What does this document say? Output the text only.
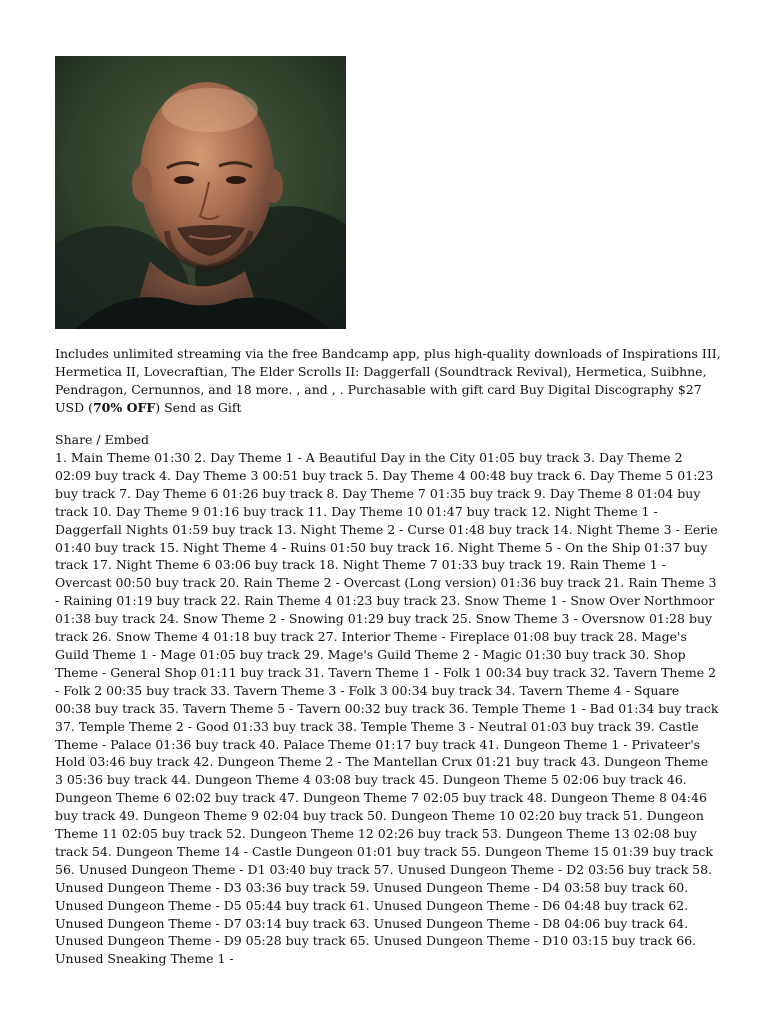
Includes unlimited streaming via the free Bandcamp app, plus high-quality downloads of Inspirations III, Hermetica II, Lovecraftian, The Elder Scrolls II: Daggerfall (Soundtrack Revival), Hermetica, Suibhne, Pendragon, Cernunnos, and 18 more. , and , . Purchasable with gift card Buy Digital Discography $27 USD (70% OFF) Send as Gift

Share / Embed

1. Main Theme 01:30 2. Day Theme 1 - A Beautiful Day in the City 01:05 buy track 3. Day Theme 2 02:09 buy track 4. Day Theme 3 00:51 buy track 5. Day Theme 4 00:48 buy track 6. Day Theme 5 01:23 buy track 7. Day Theme 6 01:26 buy track 8. Day Theme 7 01:35 buy track 9. Day Theme 8 01:04 buy track 10. Day Theme 9 01:16 buy track 11. Day Theme 10 01:47 buy track 12. Night Theme 1 - Daggerfall Nights 01:59 buy track 13. Night Theme 2 - Curse 01:48 buy track 14. Night Theme 3 - Eerie 01:40 buy track 15. Night Theme 4 - Ruins 01:50 buy track 16. Night Theme 5 - On the Ship 01:37 buy track 17. Night Theme 6 03:06 buy track 18. Night Theme 7 01:33 buy track 19. Rain Theme 1 - Overcast 00:50 buy track 20. Rain Theme 2 - Overcast (Long version) 01:36 buy track 21. Rain Theme 3 - Raining 01:19 buy track 22. Rain Theme 4 01:23 buy track 23. Snow Theme 1 - Snow Over Northmoor 01:38 buy track 24. Snow Theme 2 - Snowing 01:29 buy track 25. Snow Theme 3 - Oversnow 01:28 buy track 26. Snow Theme 4 01:18 buy track 27. Interior Theme - Fireplace 01:08 buy track 28. Mage's Guild Theme 1 - Mage 01:05 buy track 29. Mage's Guild Theme 2 - Magic 01:30 buy track 30. Shop Theme - General Shop 01:11 buy track 31. Tavern Theme 1 - Folk 1 00:34 buy track 32. Tavern Theme 2 - Folk 2 00:35 buy track 33. Tavern Theme 3 - Folk 3 00:34 buy track 34. Tavern Theme 4 - Square 00:38 buy track 35. Tavern Theme 5 - Tavern 00:32 buy track 36. Temple Theme 1 - Bad 01:34 buy track 37. Temple Theme 2 - Good 01:33 buy track 38. Temple Theme 3 - Neutral 01:03 buy track 39. Castle Theme - Palace 01:36 buy track 40. Palace Theme 01:17 buy track 41. Dungeon Theme 1 - Privateer's Hold 03:46 buy track 42. Dungeon Theme 2 - The Mantellan Crux 01:21 buy track 43. Dungeon Theme 3 05:36 buy track 44. Dungeon Theme 4 03:08 buy track 45. Dungeon Theme 5 02:06 buy track 46. Dungeon Theme 6 02:02 buy track 47. Dungeon Theme 7 02:05 buy track 48. Dungeon Theme 8 04:46 buy track 49. Dungeon Theme 9 02:04 buy track 50. Dungeon Theme 10 02:20 buy track 51. Dungeon Theme 11 02:05 buy track 52. Dungeon Theme 12 02:26 buy track 53. Dungeon Theme 13 02:08 buy track 54. Dungeon Theme 14 - Castle Dungeon 01:01 buy track 55. Dungeon Theme 15 01:39 buy track 56. Unused Dungeon Theme - D1 03:40 buy track 57. Unused Dungeon Theme - D2 03:56 buy track 58. Unused Dungeon Theme - D3 03:36 buy track 59. Unused Dungeon Theme - D4 03:58 buy track 60. Unused Dungeon Theme - D5 05:44 buy track 61. Unused Dungeon Theme - D6 04:48 buy track 62. Unused Dungeon Theme - D7 03:14 buy track 63. Unused Dungeon Theme - D8 04:06 buy track 64. Unused Dungeon Theme - D9 05:28 buy track 65. Unused Dungeon Theme - D10 03:15 buy track 66. Unused Sneaking Theme 1 -
